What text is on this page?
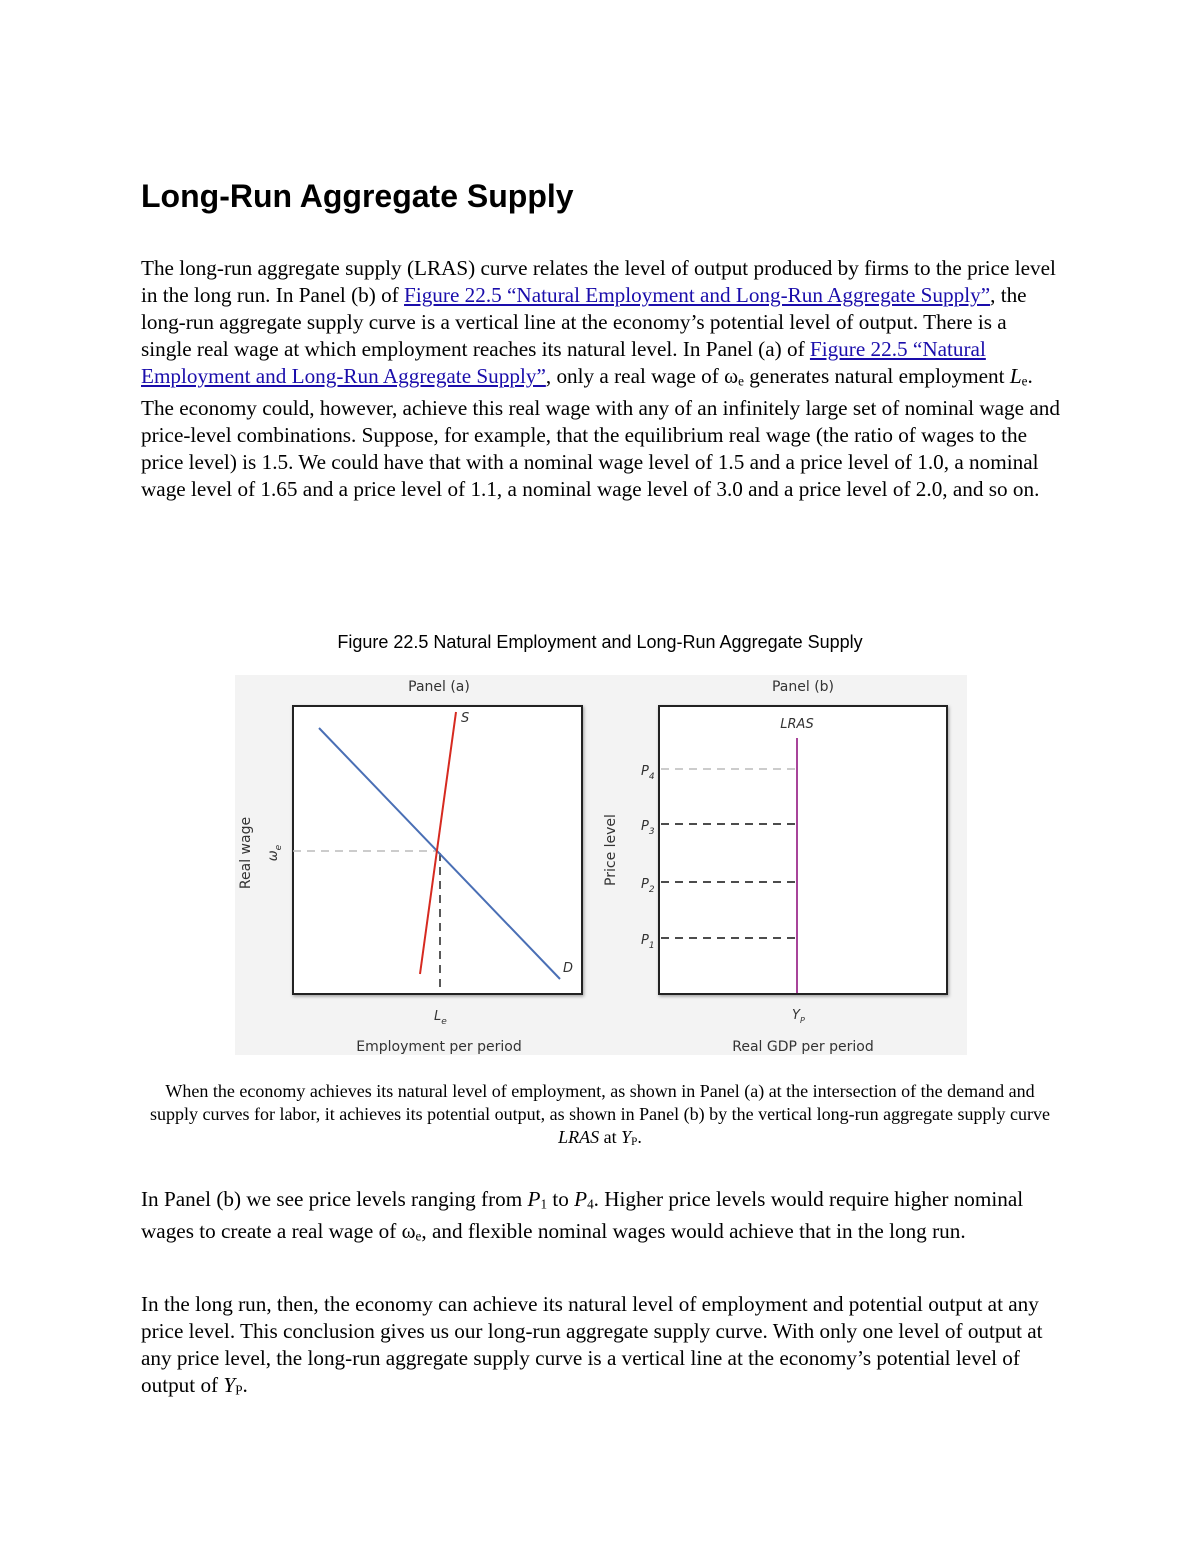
Long-Run Aggregate Supply

The long-run aggregate supply (LRAS) curve relates the level of output produced by firms to the price level in the long run. In Panel (b) of Figure 22.5 “Natural Employment and Long-Run Aggregate Supply”, the long-run aggregate supply curve is a vertical line at the economy’s potential level of output. There is a single real wage at which employment reaches its natural level. In Panel (a) of Figure 22.5 “Natural Employment and Long-Run Aggregate Supply”, only a real wage of $\omega_e$ generates natural employment $L_e$. The economy could, however, achieve this real wage with any of an infinitely large set of nominal wage and price-level combinations. Suppose, for example, that the equilibrium real wage (the ratio of wages to the price level) is 1.5. We could have that with a nominal wage level of 1.5 and a price level of 1.0, a nominal wage level of 1.65 and a price level of 1.1, a nominal wage level of 3.0 and a price level of 2.0, and so on.

Figure 22.5 Natural Employment and Long-Run Aggregate Supply

Panel (a)
S
D
Real wage $\omega_e$
$L_e$
Employment per period
Panel (b)
LRAS
Price level
$P_4$
$P_3$
$P_2$
$P_1$
$Y_P$
Real GDP per period

When the economy achieves its natural level of employment, as shown in Panel (a) at the intersection of the demand and supply curves for labor, it achieves its potential output, as shown in Panel (b) by the vertical long-run aggregate supply curve LRAS at $Y_P$.

In Panel (b) we see price levels ranging from $P_1$ to $P_4$. Higher price levels would require higher nominal wages to create a real wage of $\omega_e$, and flexible nominal wages would achieve that in the long run.

In the long run, then, the economy can achieve its natural level of employment and potential output at any price level. This conclusion gives us our long-run aggregate supply curve. With only one level of output at any price level, the long-run aggregate supply curve is a vertical line at the economy’s potential level of output of $Y_P$.
